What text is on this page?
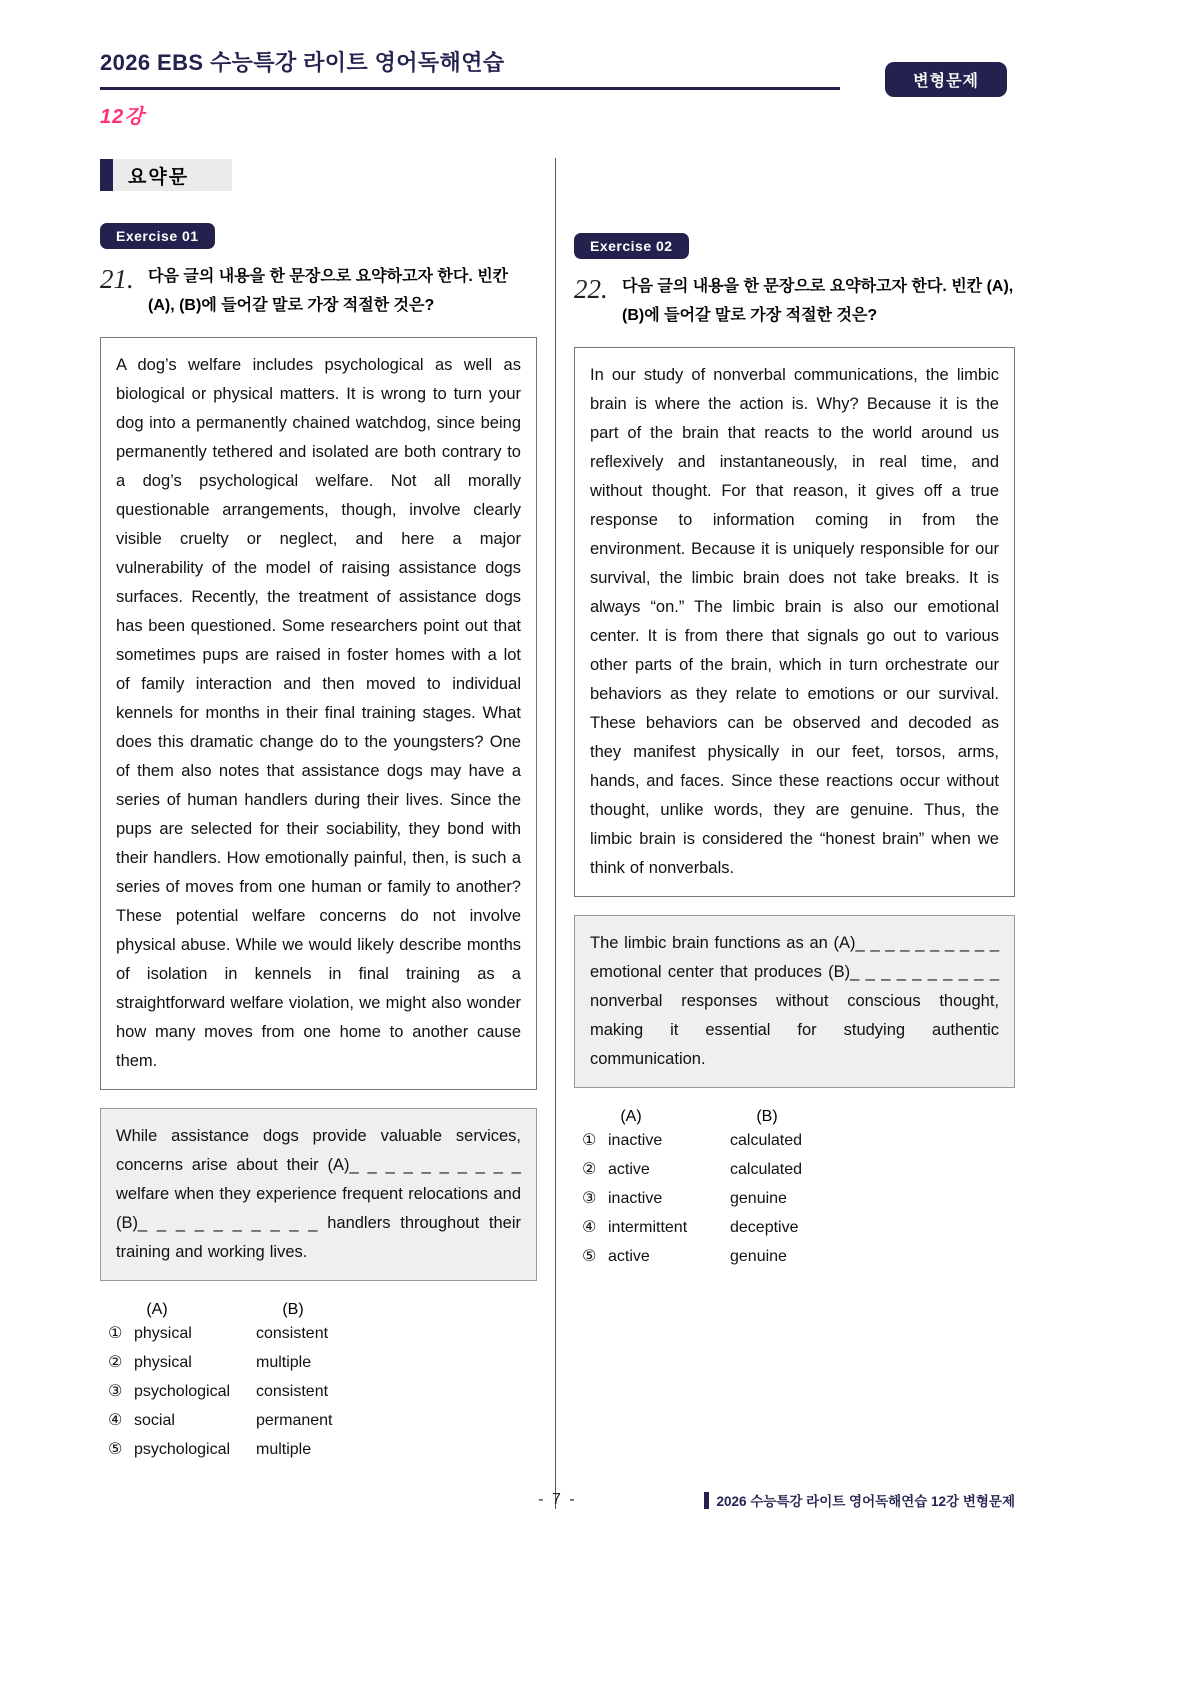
2026 EBS 수능특강 라이트 영어독해연습
변형문제
12강
요약문
Exercise 01
21. 다음 글의 내용을 한 문장으로 요약하고자 한다. 빈칸 (A), (B)에 들어갈 말로 가장 적절한 것은?
A dog’s welfare includes psychological as well as biological or physical matters. It is wrong to turn your dog into a permanently chained watchdog, since being permanently tethered and isolated are both contrary to a dog’s psychological welfare. Not all morally questionable arrangements, though, involve clearly visible cruelty or neglect, and here a major vulnerability of the model of raising assistance dogs surfaces. Recently, the treatment of assistance dogs has been questioned. Some researchers point out that sometimes pups are raised in foster homes with a lot of family interaction and then moved to individual kennels for months in their final training stages. What does this dramatic change do to the youngsters? One of them also notes that assistance dogs may have a series of human handlers during their lives. Since the pups are selected for their sociability, they bond with their handlers. How emotionally painful, then, is such a series of moves from one human or family to another? These potential welfare concerns do not involve physical abuse. While we would likely describe months of isolation in kennels in final training as a straightforward welfare violation, we might also wonder how many moves from one home to another cause them.
While assistance dogs provide valuable services, concerns arise about their (A)_ _ _ _ _ _ _ _ _ _ welfare when they experience frequent relocations and (B)_ _ _ _ _ _ _ _ _ _ handlers throughout their training and working lives.
(A)	(B)
① physical	consistent
② physical	multiple
③ psychological	consistent
④ social	permanent
⑤ psychological	multiple
Exercise 02
22. 다음 글의 내용을 한 문장으로 요약하고자 한다. 빈칸 (A), (B)에 들어갈 말로 가장 적절한 것은?
In our study of nonverbal communications, the limbic brain is where the action is. Why? Because it is the part of the brain that reacts to the world around us reflexively and instantaneously, in real time, and without thought. For that reason, it gives off a true response to information coming in from the environment. Because it is uniquely responsible for our survival, the limbic brain does not take breaks. It is always “on.” The limbic brain is also our emotional center. It is from there that signals go out to various other parts of the brain, which in turn orchestrate our behaviors as they relate to emotions or our survival. These behaviors can be observed and decoded as they manifest physically in our feet, torsos, arms, hands, and faces. Since these reactions occur without thought, unlike words, they are genuine. Thus, the limbic brain is considered the “honest brain” when we think of nonverbals.
The limbic brain functions as an (A)_ _ _ _ _ _ _ _ _ _ emotional center that produces (B)_ _ _ _ _ _ _ _ _ _ nonverbal responses without conscious thought, making it essential for studying authentic communication.
(A)	(B)
① inactive	calculated
② active	calculated
③ inactive	genuine
④ intermittent	deceptive
⑤ active	genuine
- 7 -	2026 수능특강 라이트 영어독해연습 12강 변형문제
